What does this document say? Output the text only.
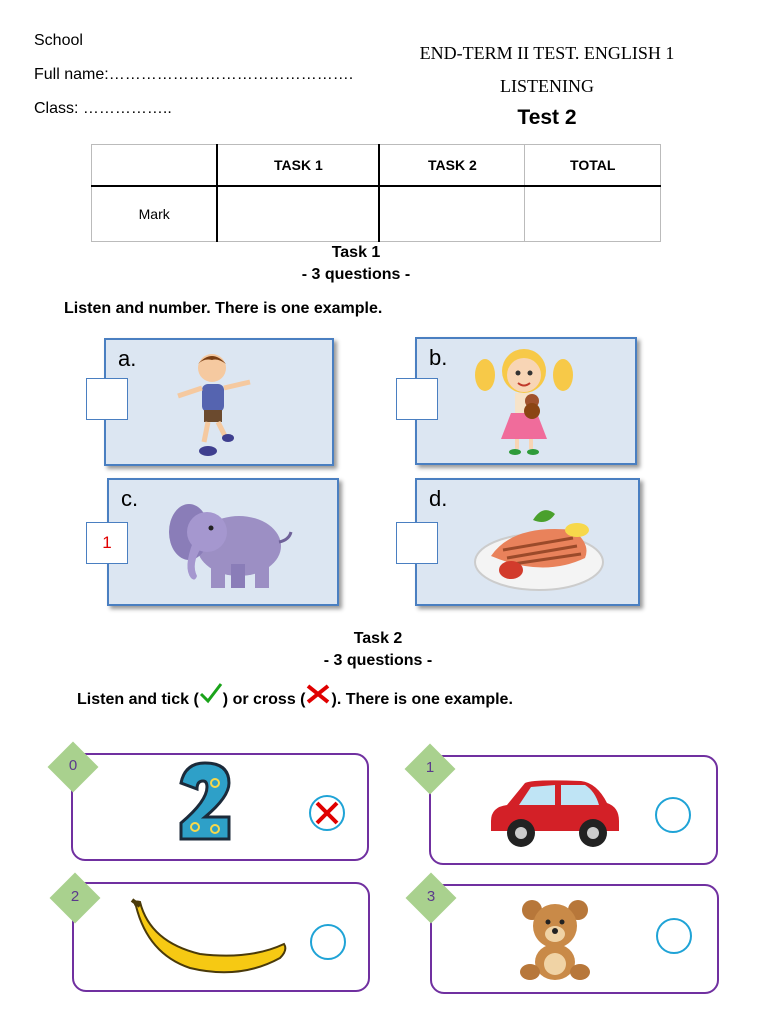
School
Full name:……………………………………….
Class: ……………..
END-TERM II TEST. ENGLISH 1
LISTENING
Test 2
	TASK 1	TASK 2	TOTAL
Mark			
Task 1
- 3 questions -
Listen and number. There is one example.
a.	b.
c.
1
d.
Task 2
- 3 questions -
Listen and tick ( ) or cross ( ). There is one example.
0	1
2	3
